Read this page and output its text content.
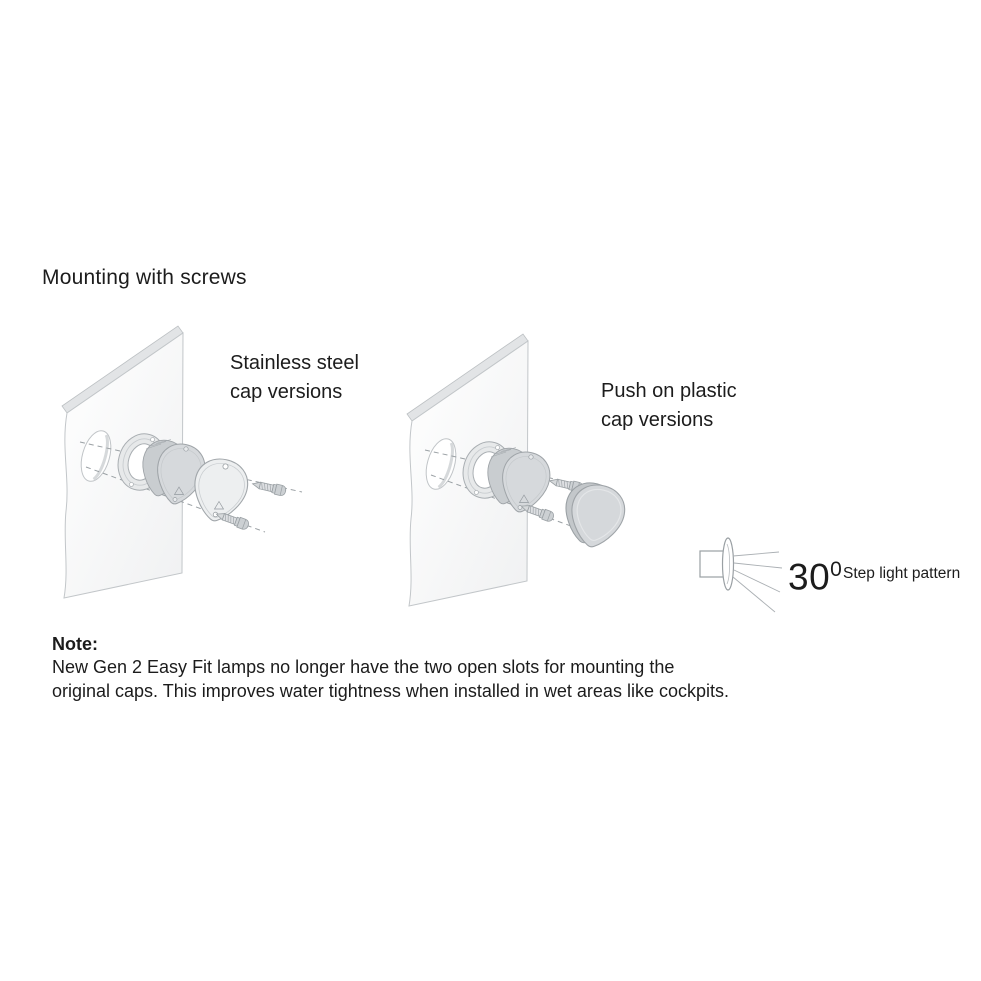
Mounting with screws
Stainless steel
cap versions	Push on plastic
cap versions
$30^0$ Step light pattern
Note:
New Gen 2 Easy Fit lamps no longer have the two open slots for mounting the
original caps. This improves water tightness when installed in wet areas like cockpits.
